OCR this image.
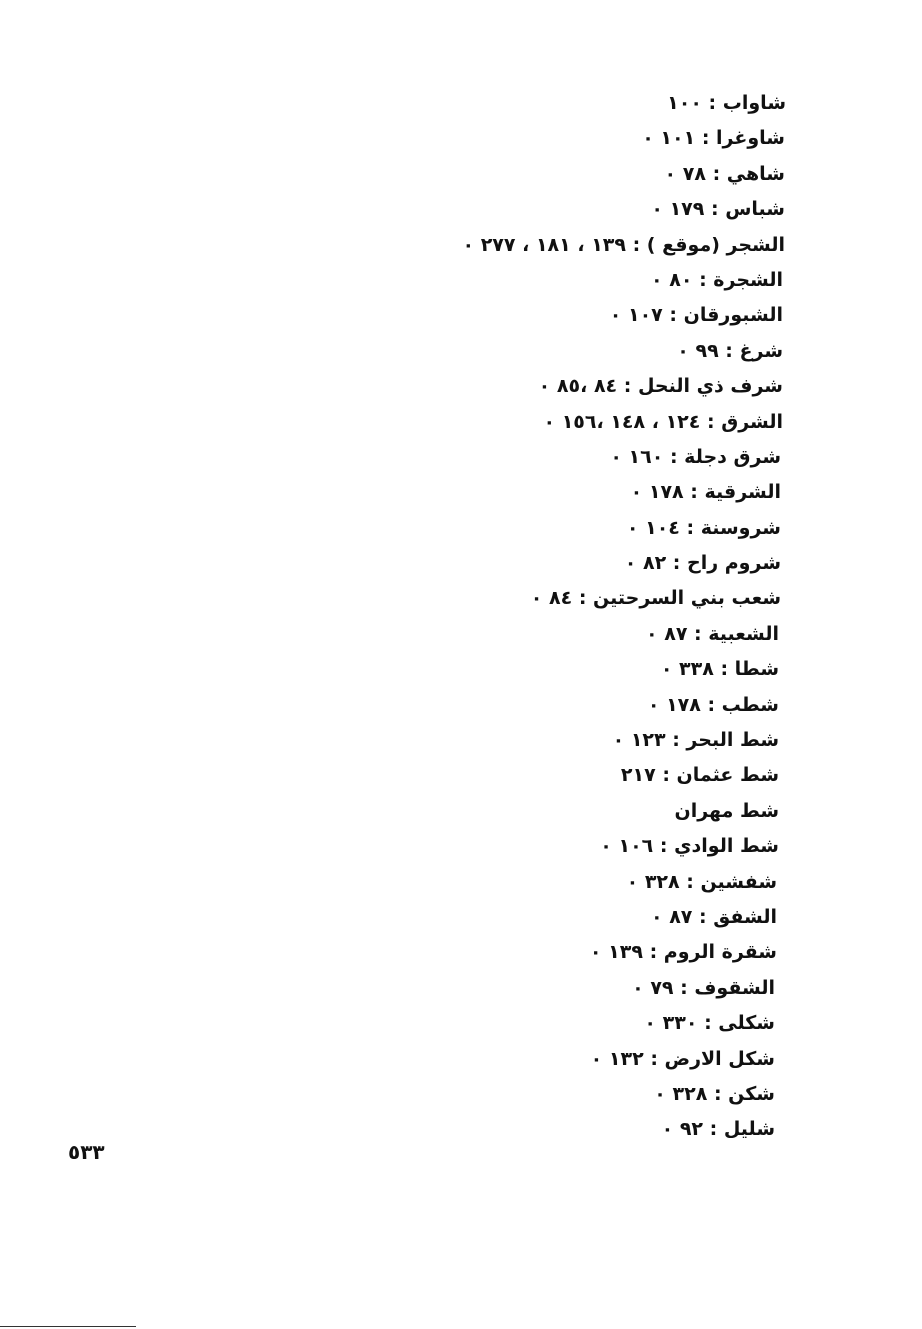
شاواب : ١٠٠
شاوغرا : ١٠١ ٠
شاهي : ٧٨ ٠
شباس : ١٧٩ ٠
الشجر (موقع ) : ١٣٩ ، ١٨١ ، ٢٧٧ ٠
الشجرة : ٨٠ ٠
الشبورقان : ١٠٧ ٠
شرغ : ٩٩ ٠
شرف ذي النحل : ٨٤ ،٨٥ ٠
الشرق : ١٢٤ ، ١٤٨ ،١٥٦ ٠
شرق دجلة : ١٦٠ ٠
الشرقية : ١٧٨ ٠
شروسنة : ١٠٤ ٠
شروم راح : ٨٢ ٠
شعب بني السرحتين : ٨٤ ٠
الشعبية : ٨٧ ٠
شطا : ٣٣٨ ٠
شطب : ١٧٨ ٠
شط البحر : ١٢٣ ٠
شط عثمان : ٢١٧
شط مهران
شط الوادي : ١٠٦ ٠
شفشين : ٣٢٨ ٠
الشفق : ٨٧ ٠
شقرة الروم : ١٣٩ ٠
الشقوف : ٧٩ ٠
شكلى : ٣٣٠ ٠
شكل الارض : ١٣٢ ٠
شكن : ٣٢٨ ٠
شليل : ٩٢ ٠
٥٣٣
